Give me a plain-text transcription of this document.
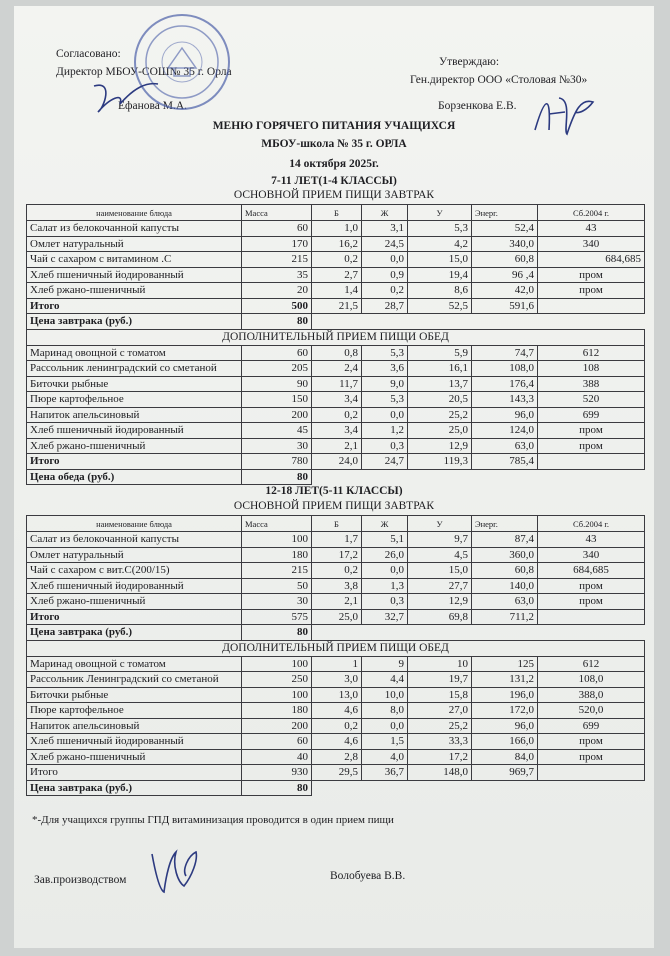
Согласовано:
Директор МБОУ-СОШ№ 35 г. Орла
Ефанова М.А.
Утверждаю:
Ген.директор ООО «Столовая №30»
Борзенкова Е.В.
МЕНЮ ГОРЯЧЕГО ПИТАНИЯ УЧАЩИХСЯ
МБОУ-школа № 35 г. ОРЛА
14 октября 2025г.
7-11 ЛЕТ(1-4 КЛАССЫ)
ОСНОВНОЙ ПРИЕМ ПИЩИ ЗАВТРАК
наименование блюда	Масса	Б	Ж	У	Энерг.	Сб.2004 г.
Салат из белокочанной капусты	60	1,0	3,1	5,3	52,4	43
Омлет натуральный	170	16,2	24,5	4,2	340,0	340
Чай с сахаром с витамином .С	215	0,2	0,0	15,0	60,8	684,685
Хлеб пшеничный йодированный	35	2,7	0,9	19,4	96 ,4	пром
Хлеб ржано-пшеничный	20	1,4	0,2	8,6	42,0	пром
Итого	500	21,5	28,7	52,5	591,6	
Цена завтрака (руб.)	80					
ДОПОЛНИТЕЛЬНЫЙ ПРИЕМ ПИЩИ ОБЕД						
Маринад овощной с томатом	60	0,8	5,3	5,9	74,7	612
Рассольник ленинградский со сметаной	205	2,4	3,6	16,1	108,0	108
Биточки рыбные	90	11,7	9,0	13,7	176,4	388
Пюре картофельное	150	3,4	5,3	20,5	143,3	520
Напиток апельсиновый	200	0,2	0,0	25,2	96,0	699
Хлеб пшеничный йодированный	45	3,4	1,2	25,0	124,0	пром
Хлеб ржано-пшеничный	30	2,1	0,3	12,9	63,0	пром
Итого	780	24,0	24,7	119,3	785,4	
Цена обеда (руб.)	80					
12-18 ЛЕТ(5-11 КЛАССЫ)
ОСНОВНОЙ ПРИЕМ ПИЩИ ЗАВТРАК
наименование блюда	Масса	Б	Ж	У	Энерг.	Сб.2004 г.
Салат из белокочанной капусты	100	1,7	5,1	9,7	87,4	43
Омлет натуральный	180	17,2	26,0	4,5	360,0	340
Чай с сахаром с вит.С(200/15)	215	0,2	0,0	15,0	60,8	684,685
Хлеб пшеничный йодированный	50	3,8	1,3	27,7	140,0	пром
Хлеб ржано-пшеничный	30	2,1	0,3	12,9	63,0	пром
Итого	575	25,0	32,7	69,8	711,2	
Цена завтрака (руб.)	80					
ДОПОЛНИТЕЛЬНЫЙ ПРИЕМ ПИЩИ ОБЕД						
Маринад овощной с томатом	100	1	9	10	125	612
Рассольник Ленинградский со сметаной	250	3,0	4,4	19,7	131,2	108,0
Биточки рыбные	100	13,0	10,0	15,8	196,0	388,0
Пюре картофельное	180	4,6	8,0	27,0	172,0	520,0
Напиток апельсиновый	200	0,2	0,0	25,2	96,0	699
Хлеб пшеничный йодированный	60	4,6	1,5	33,3	166,0	пром
Хлеб ржано-пшеничный	40	2,8	4,0	17,2	84,0	пром
Итого	930	29,5	36,7	148,0	969,7	
Цена завтрака (руб.)	80					
*-Для учащихся группы ГПД витаминизация проводится в один прием пищи
Зав.производством	Волобуева В.В.
